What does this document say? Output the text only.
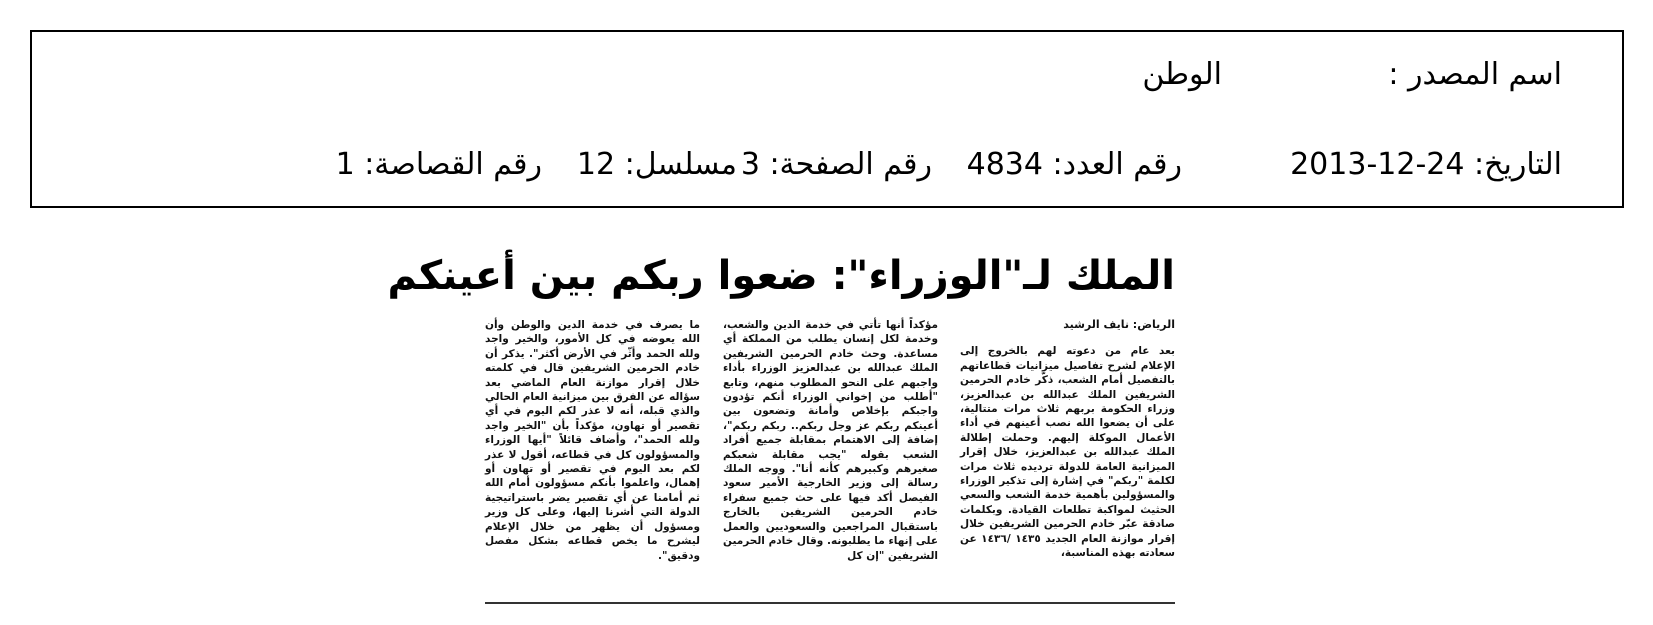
اسم المصدر :
الوطن
التاريخ: 24-12-2013
رقم العدد: 4834
رقم الصفحة: 3
مسلسل: 12
رقم القصاصة: 1
الملك لـ"الوزراء": ضعوا ربكم بين أعينكم
الرياض: نايف الرشيد

بعد عام من دعوته لهم بالخروج إلى الإعلام لشرح تفاصيل ميزانيات قطاعاتهم بالتفصيل أمام الشعب، ذكّر خادم الحرمين الشريفين الملك عبدالله بن عبدالعزيز، وزراء الحكومة بربهم ثلاث مرات متتالية، على أن يضعوا الله نصب أعينهم في أداء الأعمال الموكلة إليهم. وحملت إطلالة الملك عبدالله بن عبدالعزيز، خلال إقرار الميزانية العامة للدولة ترديده ثلاث مرات لكلمة "ربكم" في إشارة إلى تذكير الوزراء والمسؤولين بأهمية خدمة الشعب والسعي الحثيث لمواكبة تطلعات القيادة. وبكلمات صادقة عبّر خادم الحرمين الشريفين خلال إقرار موازنة العام الجديد ١٤٣٥ /١٤٣٦ عن سعادته بهذه المناسبة،

مؤكداً أنها تأتي في خدمة الدين والشعب، وخدمة لكل إنسان يطلب من المملكة أي مساعدة. وحث خادم الحرمين الشريفين الملك عبدالله بن عبدالعزيز الوزراء بأداء واجبهم على النحو المطلوب منهم، وتابع "أطلب من إخواني الوزراء أنكم تؤدون واجبكم بإخلاص وأمانة وتضعون بين أعينكم ربكم عز وجل ربكم.. ربكم ربكم"، إضافة إلى الاهتمام بمقابلة جميع أفراد الشعب بقوله "يجب مقابلة شعبكم صغيرهم وكبيرهم كأنه أنا". ووجه الملك رسالة إلى وزير الخارجية الأمير سعود الفيصل أكد فيها على حث جميع سفراء خادم الحرمين الشريفين بالخارج باستقبال المراجعين والسعوديين والعمل على إنهاء ما يطلبونه. وقال خادم الحرمين الشريفين "إن كل

ما يصرف في خدمة الدين والوطن وأن الله يعوضه في كل الأمور، والخير واجد ولله الحمد وأثّر في الأرض أكثر". يذكر أن خادم الحرمين الشريفين قال في كلمته خلال إقرار موازنة العام الماضي بعد سؤاله عن الفرق بين ميزانية العام الحالي والذي قبله، أنه لا عذر لكم اليوم في أي تقصير أو تهاون، مؤكداً بأن "الخير واجد ولله الحمد"، وأضاف قائلاً "أيها الوزراء والمسؤولون كل في قطاعه، أقول لا عذر لكم بعد اليوم في تقصير أو تهاون أو إهمال، واعلموا بأنكم مسؤولون أمام الله ثم أمامنا عن أي تقصير يضر باستراتيجية الدولة التي أشرنا إليها، وعلى كل وزير ومسؤول أن يظهر من خلال الإعلام ليشرح ما يخص قطاعه بشكل مفصل ودقيق".
